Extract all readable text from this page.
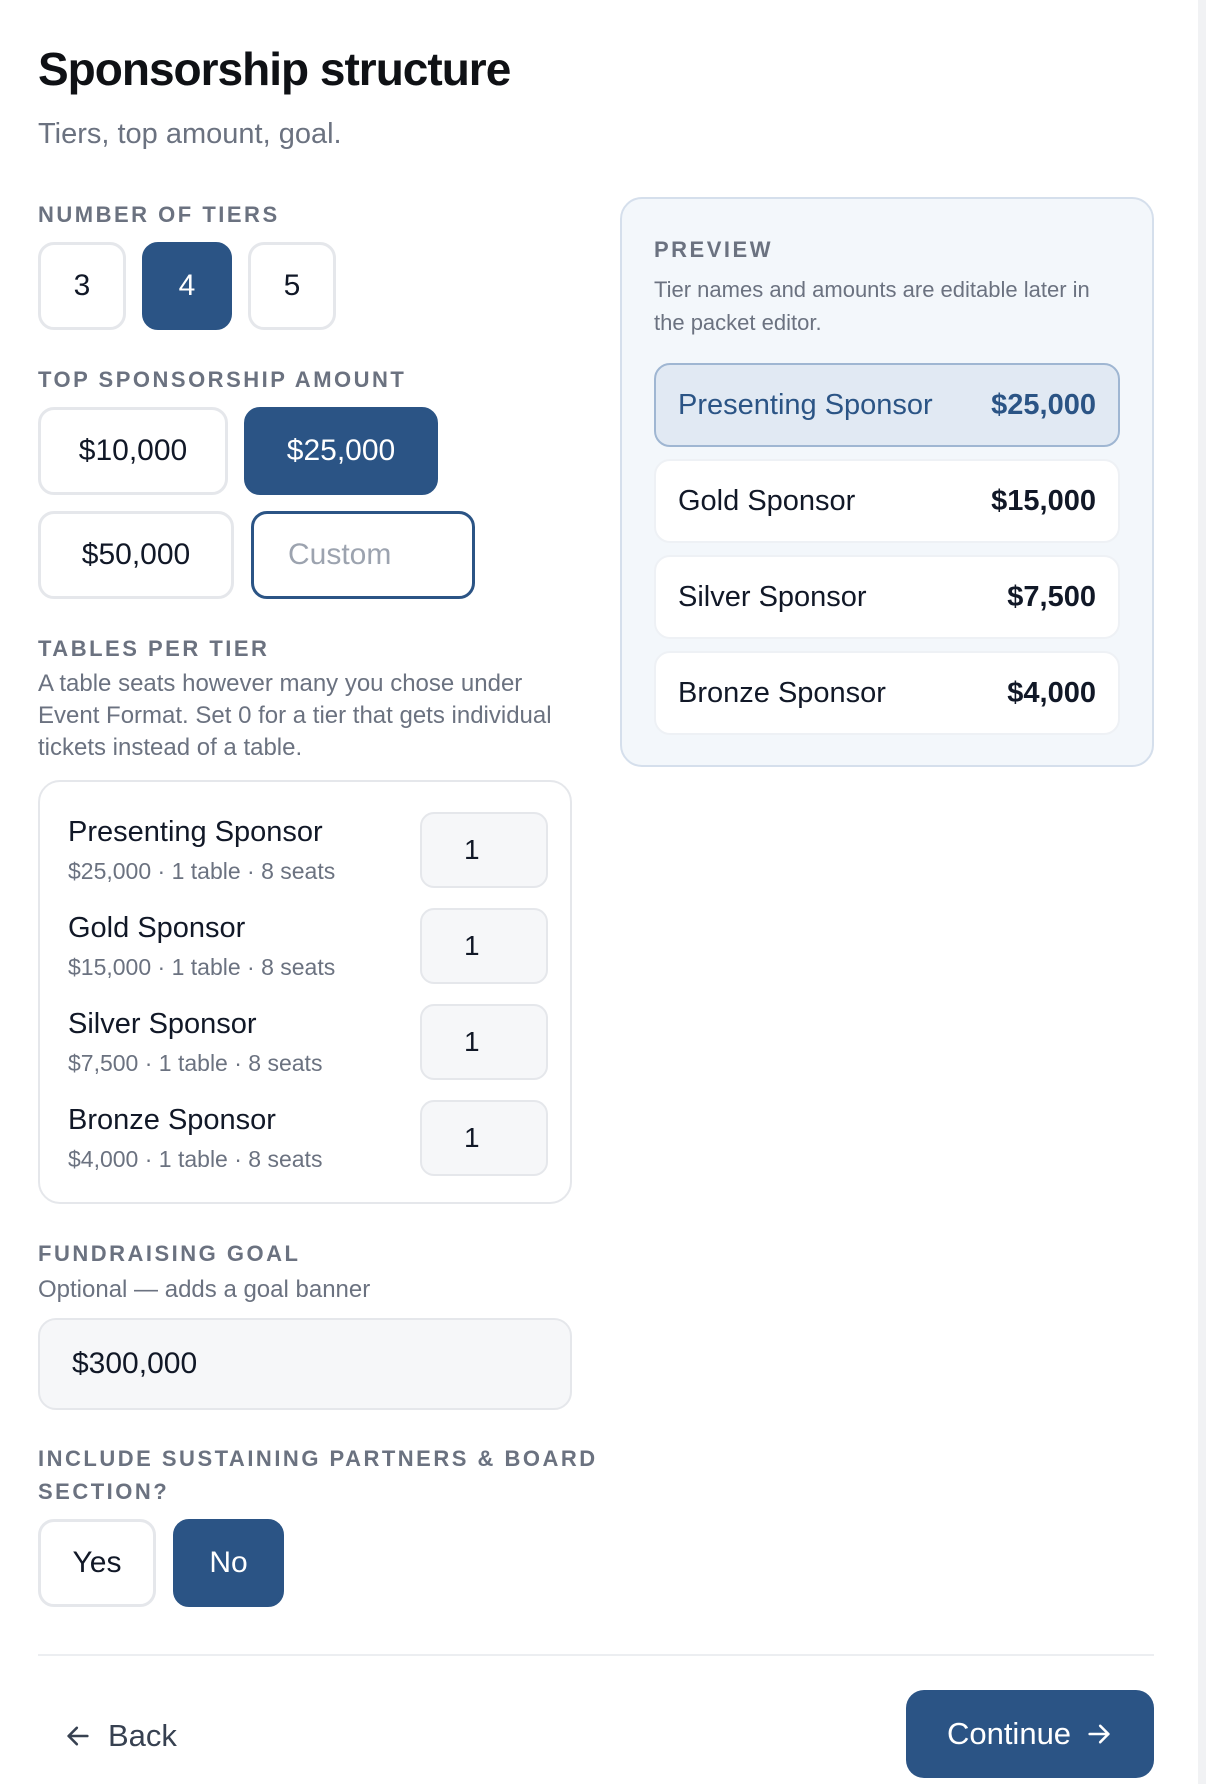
Sponsorship structure

Tiers, top amount, goal.

NUMBER OF TIERS
3	4	5
TOP SPONSORSHIP AMOUNT
$10,000	$25,000
$50,000	Custom
TABLES PER TIER
A table seats however many you chose under Event Format. Set 0 for a tier that gets individual tickets instead of a table.
Presenting Sponsor
$25,000 · 1 table · 8 seats
1
Gold Sponsor
$15,000 · 1 table · 8 seats
1
Silver Sponsor
$7,500 · 1 table · 8 seats
1
Bronze Sponsor
$4,000 · 1 table · 8 seats
1
FUNDRAISING GOAL
Optional — adds a goal banner
$300,000
INCLUDE SUSTAINING PARTNERS & BOARD
SECTION?
Yes	No
PREVIEW
Tier names and amounts are editable later in the packet editor.
Presenting Sponsor $25,000
Gold Sponsor	$15,000
Silver Sponsor	$7,500
Bronze Sponsor	$4,000
Back	Continue
